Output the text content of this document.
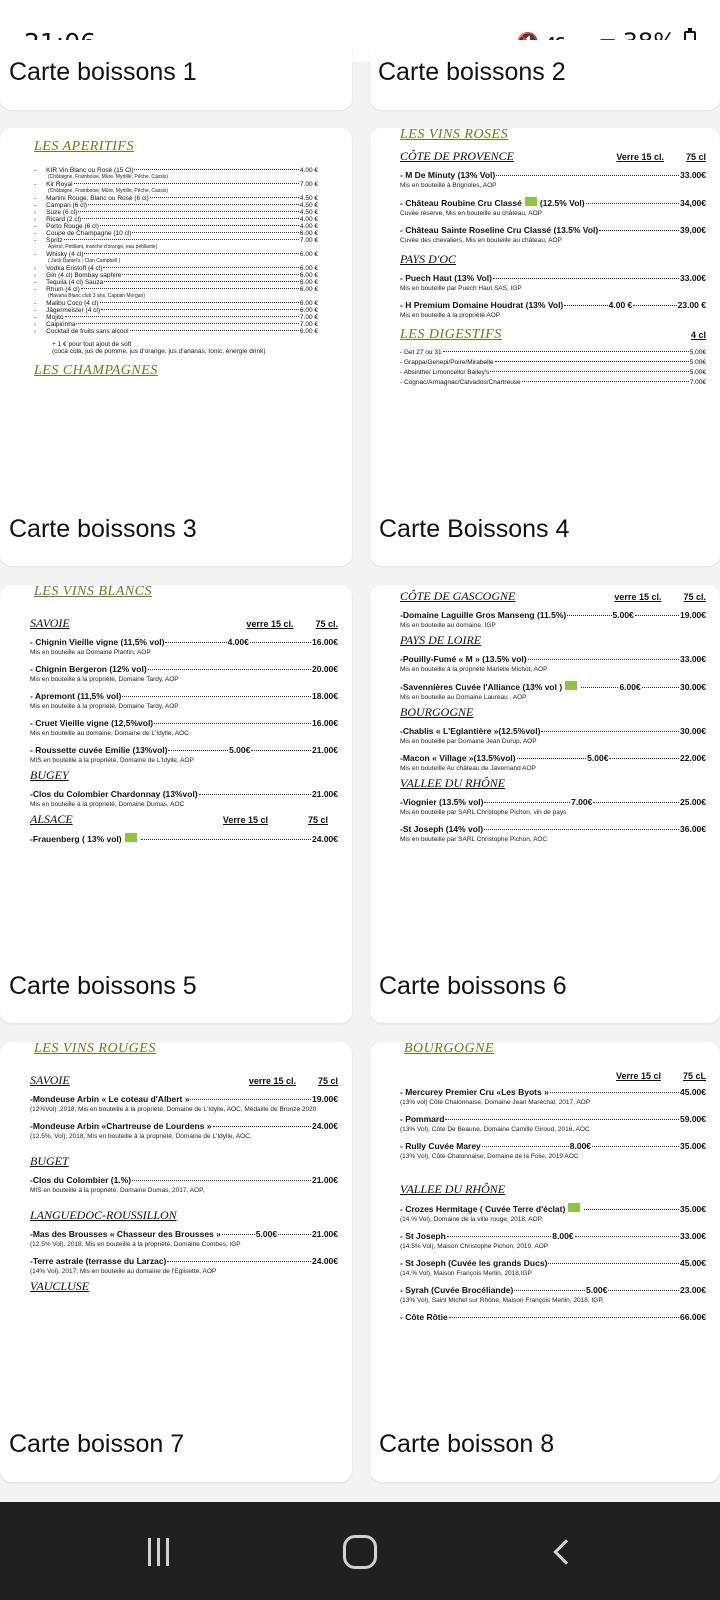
Carte boissons 1	Carte boissons 2
LES APERITIFS
- KIR Vin Blanc ou Rosé (15 Cl)	4.00 €
(Châtaigne, Framboise, Mûre, Myrtille, Pêche, Cassis)
- Kir Royal	7.00 €
(Châtaigne, Framboise, Mûre, Myrtille, Pêche, Cassis)
- Martini Rouge, Blanc ou Rosé (6 cl)	4.50 €
- Campari (6 cl)	4.50 €
- Suze (6 cl)	4.50 €
- Ricard (2 cl)	4.00 €
- Porto Rouge (6 cl)	4.00 €
- Coupe de Champagne (10 cl)	6.00 €
- Spritz	7.00 €
Apérol, Pétillant, tranche d'orange, eau pétillante)
- Whisky (4 cl)	6.00 €
( Jack Daniel's ; Clan Campbell )
- Vodka Eristoff (4 cl)	6.00 €
- Gin (4 cl) Bombay saphire	6.00 €
- Tequila (4 cl) Sauza	6.00 €
- Rhum (4 cl)	6.00 €
(Havana Blanc club 3 ans, Captain Morgan)
- Malibu Coco (4 cl)	6.00 €
- Jägermeister (4 cl)	6.00 €
- Mojito	7.00 €
- Caipirinha	7.00 €
- Cocktail de fruits sans alcool	6.00 €
+ 1 € pour tout ajout de soft
(coca cola, jus de pomme, jus d'orange, jus d'ananas, tonic, énergie drink)
LES CHAMPAGNES
Carte boissons 3
LES VINS ROSES
CÔTE DE PROVENCE	Verre 15 cl. 75 cl
- M De Minuty (13% Vol)	33.00€
Mis en bouteille à Brignoles, AOP
- Château Roubine Cru Classé (12.5% Vol)	34,00€
Cuvée réserve, Mis en bouteille au château, AOP
- Château Sainte Roseline Cru Classé (13.5% Vol)	39,00€
Cuvée des chevaliers, Mis en bouteille au château, AOP
PAYS D'OC
- Puech Haut (13% Vol)	33.00€
Mis en bouteille par Puech Haut SAS, IGP
- H Premium Domaine Houdrat (13% Vol)	4.00 €	23.00 €
Mis en bouteille à la propriété AOP
LES DIGESTIFS	4 cl
- Get 27 ou 31	5.00€
- Grappa/Genepi/Poire/Mirabelle	5.00€
- Absinthe/ Limoncello/ Bailey's	5.00€
- Cognac/Armagnac/Calvados/Chartreuse	7.00€
Carte Boissons 4
LES VINS BLANCS
SAVOIE	verre 15 cl. 75 cl.
- Chignin Vieille vigne (11,5% vol)	4.00€	16.00€
Mis en bouteille au Domaine Plantin, AOP
- Chignin Bergeron (12% vol)	20.00€
Mis en bouteille à la propriété, Domaine Tardy, AOP
- Apremont (11,5% vol)	18.00€
Mis en bouteille à la propriété, Domaine Tardy, AOP
- Cruet Vieille vigne (12,5%vol)	16.00€
Mis en bouteille au domaine, Domaine de L'Idylle, AOC
- Roussette cuvée Emilie (13%vol)	5.00€	21.00€
MIS en bouteille à la propriété, Domaine de L'Idylle, AOP
BUGEY
-Clos du Colombier Chardonnay (13%vol)	21.00€
Mis en bouteille à la propriété, Domaine Dumas, AOC
ALSACE	Verre 15 cl	75 cl
-Frauenberg ( 13% vol)	24.00€
Carte boissons 5
CÔTE DE GASCOGNE	verre 15 cl. 75 cl.
-Domaine Laguille Gros Manseng (11.5%)	5.00€	19.00€
Mis en bouteille au domaine, IGP
PAYS DE LOIRE
-Pouilly-Fumé « M » (13.5% vol)	33.00€
Mis en bouteille à la propriété Marielle Michot, AOP
-Savennières Cuvée l'Alliance (13% vol )	6.00€	30.00€
Mis en bouteille au Domaine Laureau , AOP
BOURGOGNE
-Chablis « L'Eglantière »(12.5%vol)	30.00€
Mis en bouteille par Domaine Jean Durup, AOP
-Macon « Village »(13.5%vol)	5.00€	22.00€
Mis en bouteille Au château de Javernand AOP
VALLEE DU RHÔNE
-Viognier (13.5% vol)	7.00€	25.00€
Mis en bouteille par SARL Christophe Pichon, vin de pays
-St Joseph (14% vol)	36.00€
Mis en bouteille par SARL Christophe Pichon, AOC
Carte boissons 6
LES VINS ROUGES
SAVOIE	verre 15 cl. 75 cl
-Mondeuse Arbin « Le coteau d'Albert »	19.00€
(12%Vol) ,2018, Mis en bouteille à la propriété, Domaine de L'Idylle, AOC, Médaille de Bronze 2020
-Mondeuse Arbin «Chartreuse de Lourdens »	24.00€
(12.5%. Vol), 2018, Mis en bouteille à la propriété, Domaine de L'Idylle, AOC,
BUGET
-Clos du Colombier (1.%)	21.00€
MIS en bouteille à la propriété, Domaine Dumas, 2017, AOP,
LANGUEDOC-ROUSSILLON
-Mas des Brousses « Chasseur des Brousses »	5.00€	21.00€
(12.5% Vol), 2018, Mis en bouteille à la propriété, Domaine Combes, IGP
-Terre astrale (terrasse du Larzac)	24.00€
(14% Vol), 2017, Mis en bouteille au domaine de l'Eglisette, AOP
VAUCLUSE
Carte boisson 7
BOURGOGNE
Verre 15 cl 75 cL
- Mercurey Premier Cru «Les Byots »	45.00€
(13% vol) Côte Chalonnaise, Domaine Jean Maréchal, 2017, AOP
- Pommard	59.00€
(13% Vol), Côte De Beaune, Domaine Camille Giroud, 2016, AOC
- Rully Cuvée Marey	8.00€	35.00€
(13% Vol), Côte Chalonnaise, Domaine de la Folie, 2019 AOC
VALLEE DU RHÔNE
- Crozes Hermitage ( Cuvée Terre d'éclat)	35.00€
(14.% Vol), Domaine de la ville rouge, 2018, AOP,
- St Joseph	8.00€	33.00€
(14.5% Vol), Maison Christophe Pichon, 2019, AOP
- St Joseph (Cuvée les grands Ducs)	45.00€
(14.% Vol), Maison François Merlin, 2018,IGP
- Syrah (Cuvée Brocéliande)	5.00€	23.00€
(13% Vol), Saint Michel sur Rhône, Maison François Merlin, 2018, IGP,
- Côte Rôtie	66.00€
Carte boisson 8
